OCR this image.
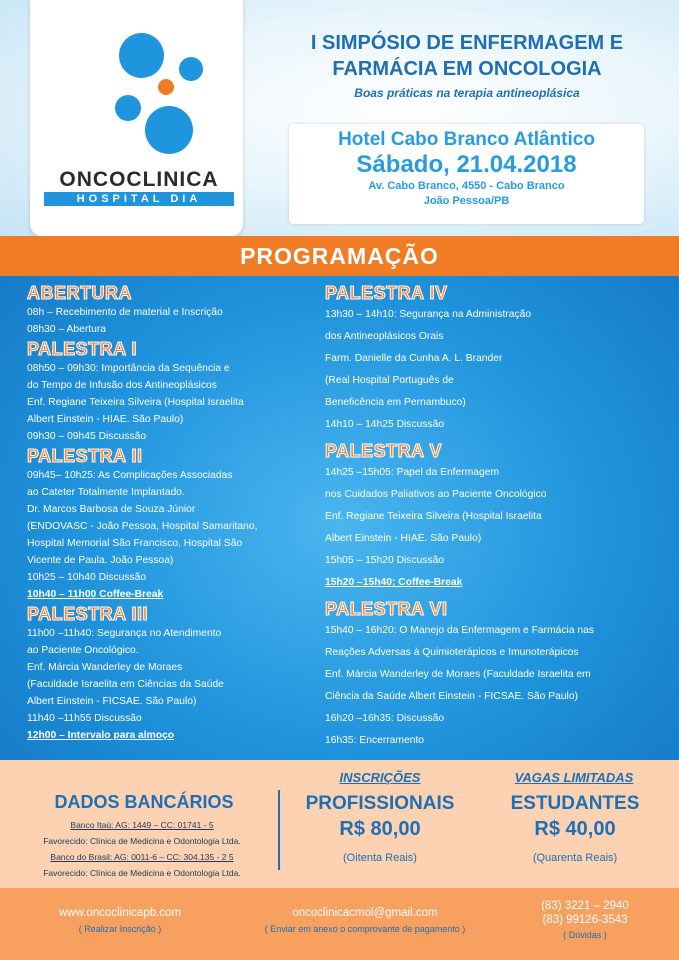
ONCOCLINICA
HOSPITAL DIA
I SIMPÓSIO DE ENFERMAGEM E
FARMÁCIA EM ONCOLOGIA
Boas práticas na terapia antineoplásica
Hotel Cabo Branco Atlântico
Sábado, 21.04.2018
Av. Cabo Branco, 4550 - Cabo Branco
João Pessoa/PB
PROGRAMAÇÃO
ABERTURA
08h – Recebimento de material e Inscrição
08h30 – Abertura
PALESTRA I
08h50 – 09h30: Importância da Sequência e
do Tempo de Infusão dos Antineoplásicos
Enf. Regiane Teixeira Silveira (Hospital Israelita
Albert Einstein - HIAE. São Paulo)
09h30 – 09h45 Discussão
PALESTRA II
09h45– 10h25: As Complicações Associadas
ao Cateter Totalmente Implantado.
Dr. Marcos Barbosa de Souza Júnior
(ENDOVASC - João Pessoa, Hospital Samaritano,
Hospital Memorial São Francisco, Hospital São
Vicente de Paula. João Pessoa)
10h25 – 10h40 Discussão
10h40 – 11h00 Coffee-Break
PALESTRA III
11h00 –11h40: Segurança no Atendimento
ao Paciente Oncológico.
Enf. Márcia Wanderley de Moraes
(Faculdade Israelita em Ciências da Saúde
Albert Einstein - FICSAE. São Paulo)
11h40 –11h55 Discussão
12h00 – Intervalo para almoço
PALESTRA IV
13h30 – 14h10: Segurança na Administração
dos Antineoplásicos Orais
Farm. Danielle da Cunha A. L. Brander
(Real Hospital Português de
Beneficência em Pernambuco)
14h10 – 14h25 Discussão
PALESTRA V
14h25 –15h05: Papel da Enfermagem
nos Cuidados Paliativos ao Paciente Oncológico
Enf. Regiane Teixeira Silveira (Hospital Israelita
Albert Einstein - HIAE. São Paulo)
15h05 – 15h20 Discussão
15h20 –15h40: Coffee-Break
PALESTRA VI
15h40 – 16h20: O Manejo da Enfermagem e Farmácia nas
Reações Adversas à Quimioterápicos e Imunoterápicos
Enf. Márcia Wanderley de Moraes (Faculdade Israelita em
Ciência da Saúde Albert Einstein - FICSAE. São Paulo)
16h20 –16h35: Discussão
16h35: Encerramento
DADOS BANCÁRIOS
Banco Itaú: AG: 1449 – CC: 01741 - 5
Favorecido: Clínica de Medicina e Odontologia Ltda.
Banco do Brasil: AG: 0011-6 – CC: 304.135 - 2 5
Favorecido: Clínica de Medicina e Odontologia Ltda.
INSCRIÇÕES	VAGAS LIMITADAS
PROFISSIONAIS	ESTUDANTES
R$ 80,00	R$ 40,00
(Oitenta Reais)	(Quarenta Reais)
www.oncoclinicapb.com
( Realizar Inscrição )
oncoclinicacmol@gmail.com
( Enviar em anexo o comprovante de pagamento )
(83) 3221 – 2940
(83) 99126-3543
( Dúvidas )
